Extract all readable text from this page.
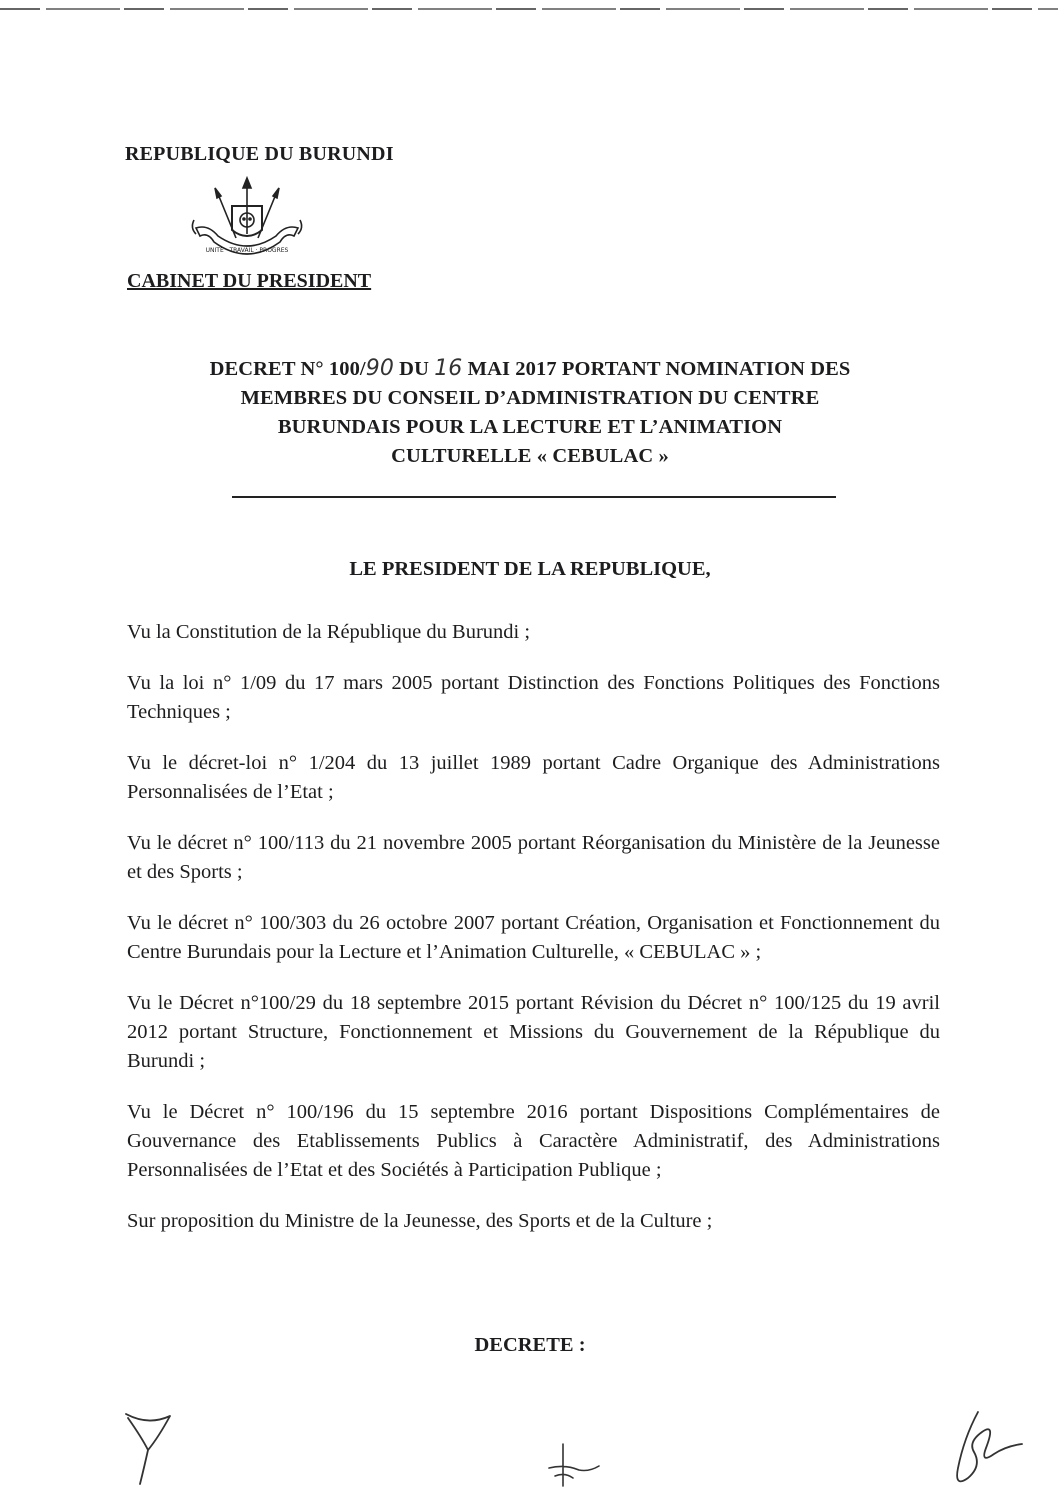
REPUBLIQUE DU BURUNDI

UNITE · TRAVAIL · PROGRES

CABINET DU PRESIDENT

DECRET N° 100/90 DU 16 MAI 2017 PORTANT NOMINATION DES
MEMBRES DU CONSEIL D’ADMINISTRATION DU CENTRE
BURUNDAIS POUR LA LECTURE ET L’ANIMATION
CULTURELLE « CEBULAC »

LE PRESIDENT DE LA REPUBLIQUE,

Vu la Constitution de la République du Burundi ;

Vu la loi n° 1/09 du 17 mars 2005 portant Distinction des Fonctions Politiques des Fonctions Techniques ;

Vu le décret-loi n° 1/204 du 13 juillet 1989 portant Cadre Organique des Administrations Personnalisées de l’Etat ;

Vu le décret n° 100/113 du 21 novembre 2005 portant Réorganisation du Ministère de la Jeunesse et des Sports ;

Vu le décret n° 100/303 du 26 octobre 2007 portant Création, Organisation et Fonctionnement du Centre Burundais pour la Lecture et l’Animation Culturelle, « CEBULAC » ;

Vu le Décret n°100/29 du 18 septembre 2015 portant Révision du Décret n° 100/125 du 19 avril 2012 portant Structure, Fonctionnement et Missions du Gouvernement de la République du Burundi ;

Vu le Décret n° 100/196 du 15 septembre 2016 portant Dispositions Complémentaires de Gouvernance des Etablissements Publics à Caractère Administratif, des Administrations Personnalisées de l’Etat et des Sociétés à Participation Publique ;

Sur proposition du Ministre de la Jeunesse, des Sports et de la Culture ;

DECRETE :
